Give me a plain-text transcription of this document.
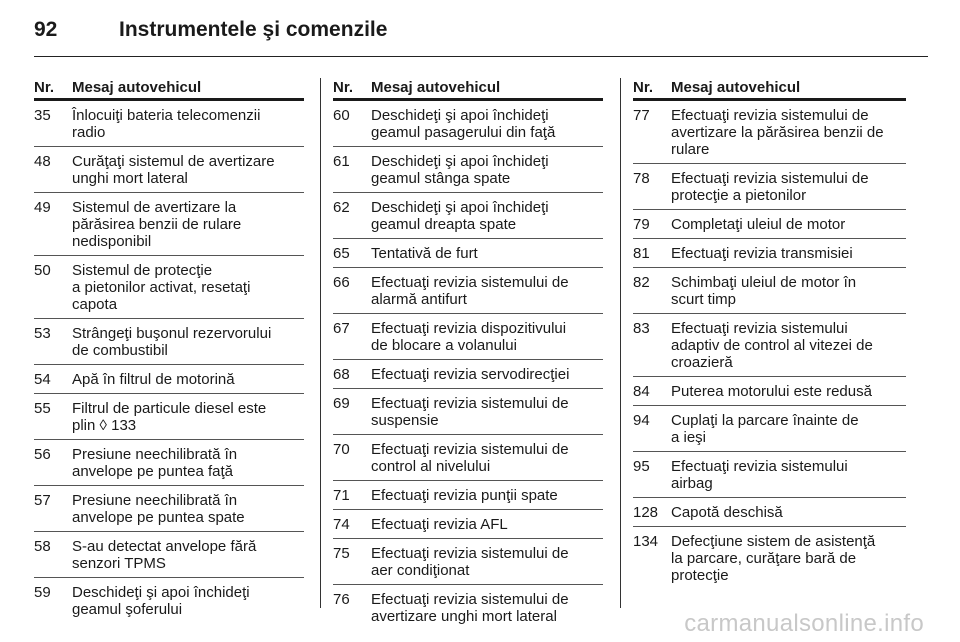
92	Instrumentele şi comenzile
Nr.	Mesaj autovehicul
35	Înlocuiţi bateria telecomenzii
radio
48	Curăţaţi sistemul de avertizare
unghi mort lateral
49	Sistemul de avertizare la
părăsirea benzii de rulare
nedisponibil
50	Sistemul de protecţie
a pietonilor activat, resetaţi
capota
53	Strângeţi buşonul rezervorului
de combustibil
54	Apă în filtrul de motorină
55	Filtrul de particule diesel este
plin ◊ 133
56	Presiune neechilibrată în
anvelope pe puntea faţă
57	Presiune neechilibrată în
anvelope pe puntea spate
58	S-au detectat anvelope fără
senzori TPMS
59	Deschideţi şi apoi închideţi
geamul şoferului
Nr.	Mesaj autovehicul
60	Deschideţi şi apoi închideţi
geamul pasagerului din faţă
61	Deschideţi şi apoi închideţi
geamul stânga spate
62	Deschideţi şi apoi închideţi
geamul dreapta spate
65	Tentativă de furt
66	Efectuaţi revizia sistemului de
alarmă antifurt
67	Efectuaţi revizia dispozitivului
de blocare a volanului
68	Efectuaţi revizia servodirecţiei
69	Efectuaţi revizia sistemului de
suspensie
70	Efectuaţi revizia sistemului de
control al nivelului
71	Efectuaţi revizia punţii spate
74	Efectuaţi revizia AFL
75	Efectuaţi revizia sistemului de
aer condiţionat
76	Efectuaţi revizia sistemului de
avertizare unghi mort lateral
Nr.	Mesaj autovehicul
77	Efectuaţi revizia sistemului de
avertizare la părăsirea benzii de
rulare
78	Efectuaţi revizia sistemului de
protecţie a pietonilor
79	Completaţi uleiul de motor
81	Efectuaţi revizia transmisiei
82	Schimbaţi uleiul de motor în
scurt timp
83	Efectuaţi revizia sistemului
adaptiv de control al vitezei de
croazieră
84	Puterea motorului este redusă
94	Cuplaţi la parcare înainte de
a ieşi
95	Efectuaţi revizia sistemului
airbag
128 Capotă deschisă
134 Defecţiune sistem de asistenţă
la parcare, curăţare bară de
protecţie
carmanualsonline.info
